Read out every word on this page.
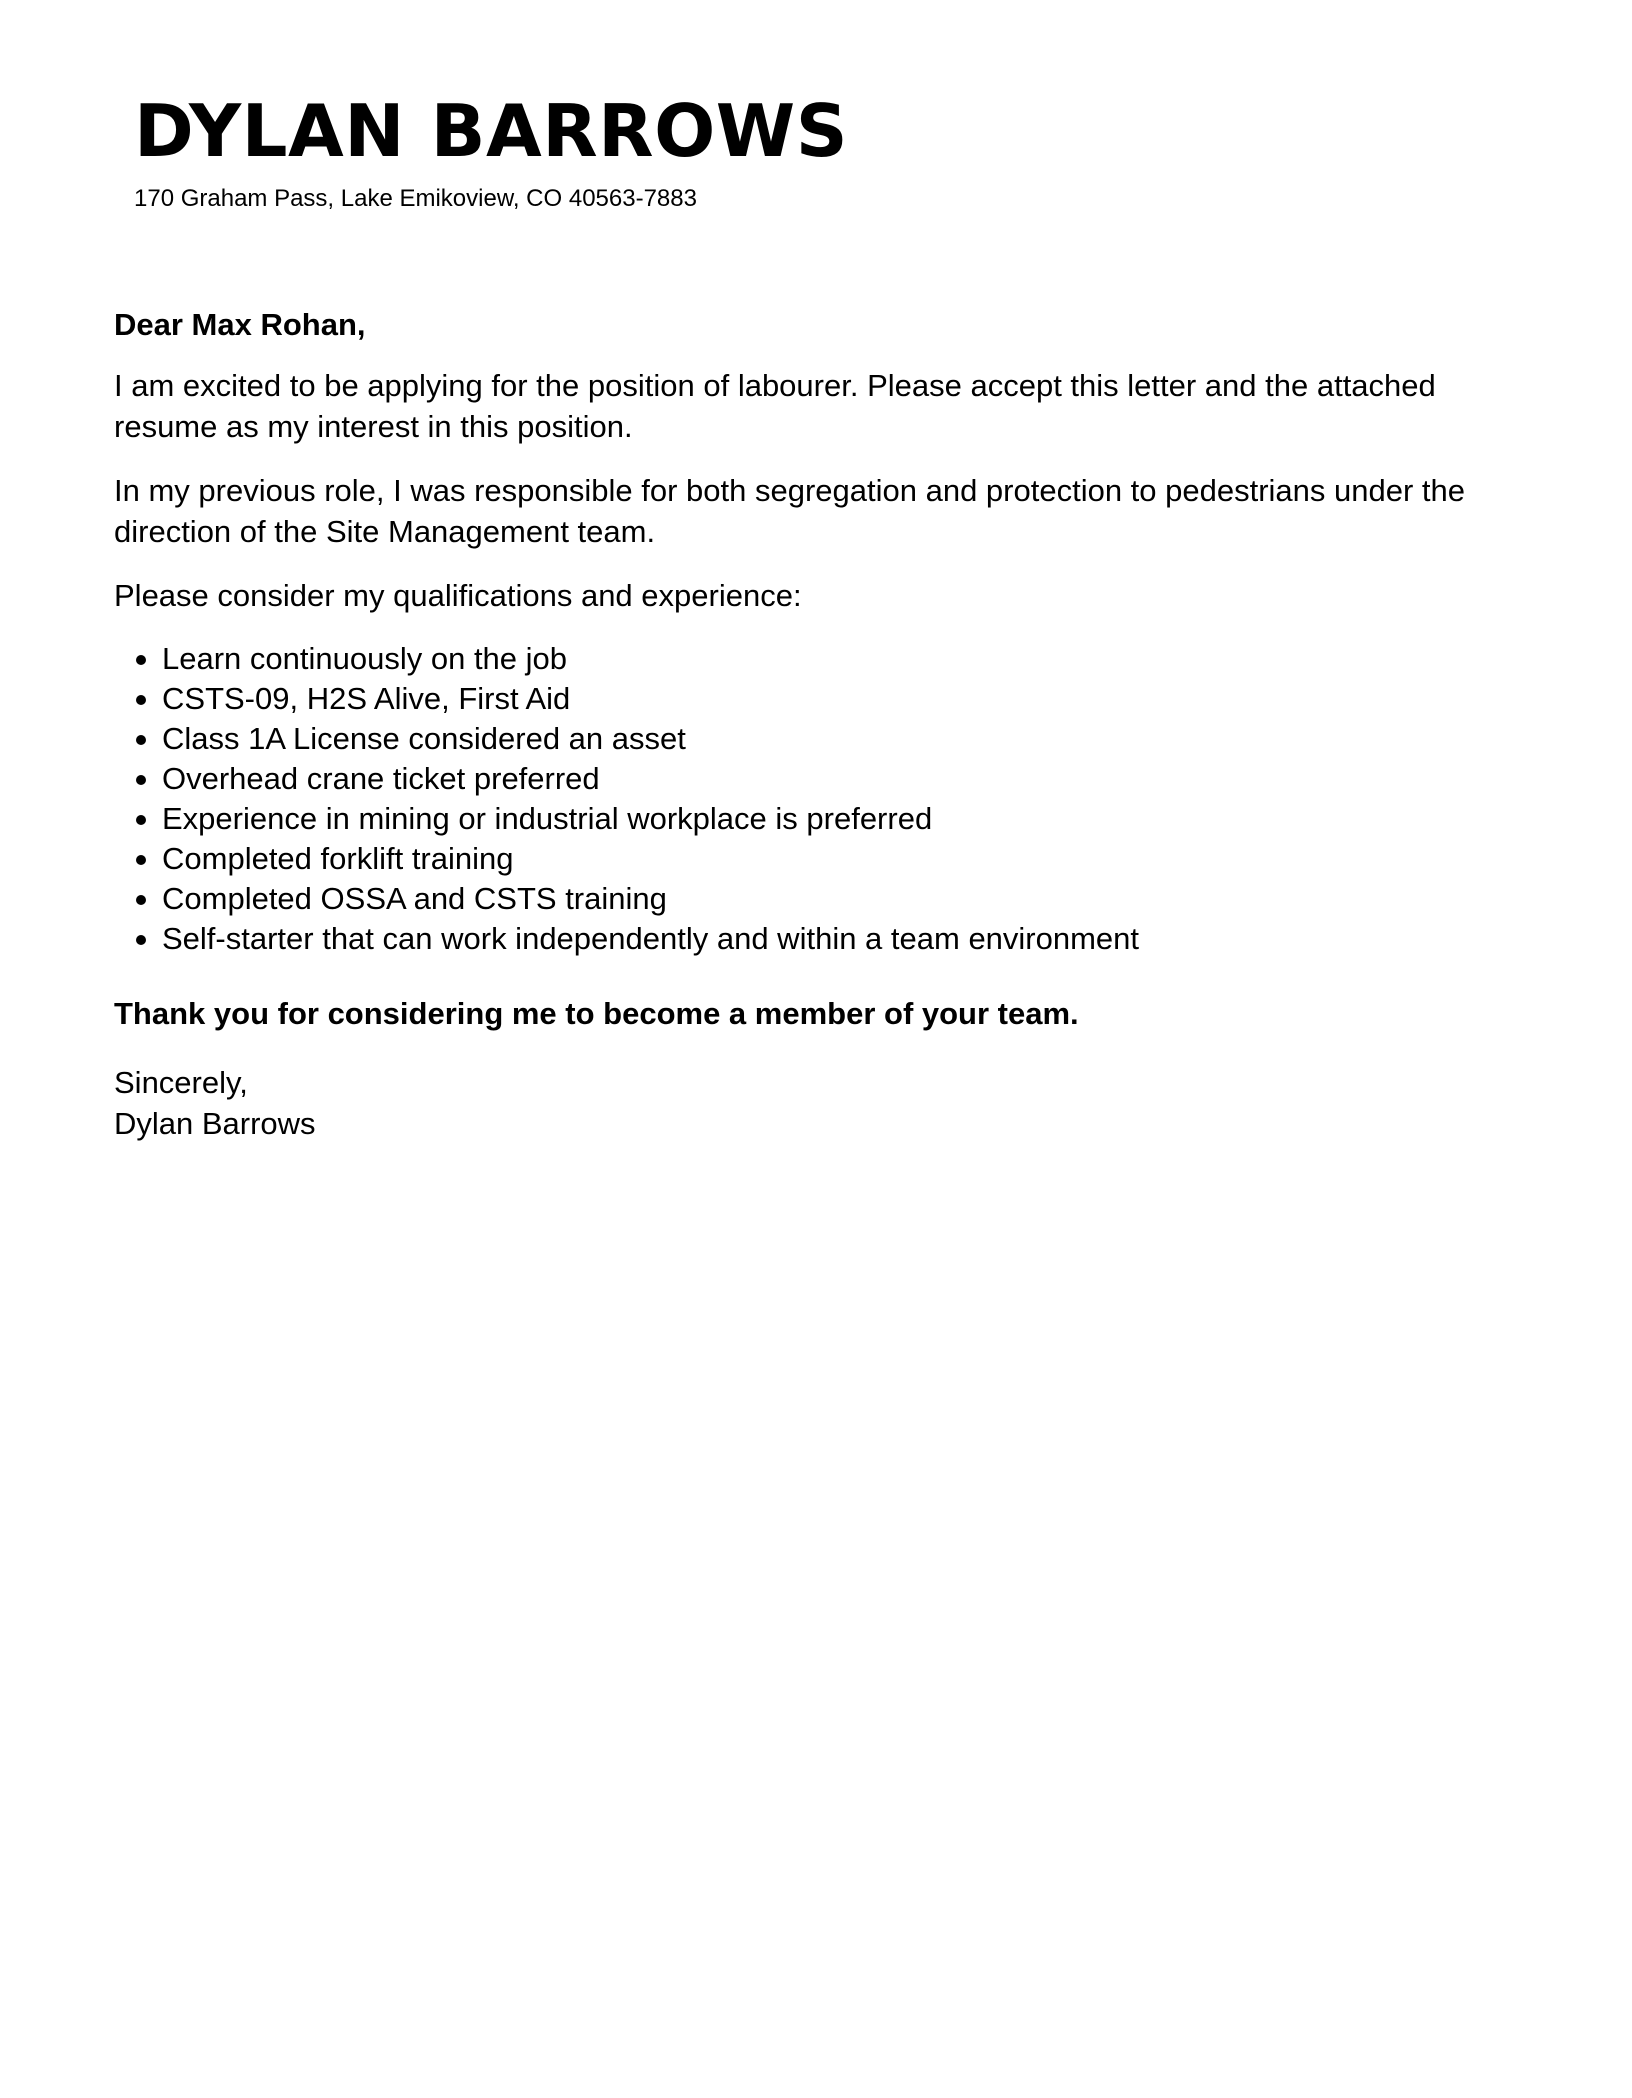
DYLAN BARROWS

170 Graham Pass, Lake Emikoview, CO 40563-7883

Dear Max Rohan,

I am excited to be applying for the position of labourer. Please accept this letter and the attached resume as my interest in this position.

In my previous role, I was responsible for both segregation and protection to pedestrians under the direction of the Site Management team.

Please consider my qualifications and experience:

Learn continuously on the job
CSTS-09, H2S Alive, First Aid
Class 1A License considered an asset
Overhead crane ticket preferred
Experience in mining or industrial workplace is preferred
Completed forklift training
Completed OSSA and CSTS training
Self-starter that can work independently and within a team environment

Thank you for considering me to become a member of your team.

Sincerely,

Dylan Barrows
